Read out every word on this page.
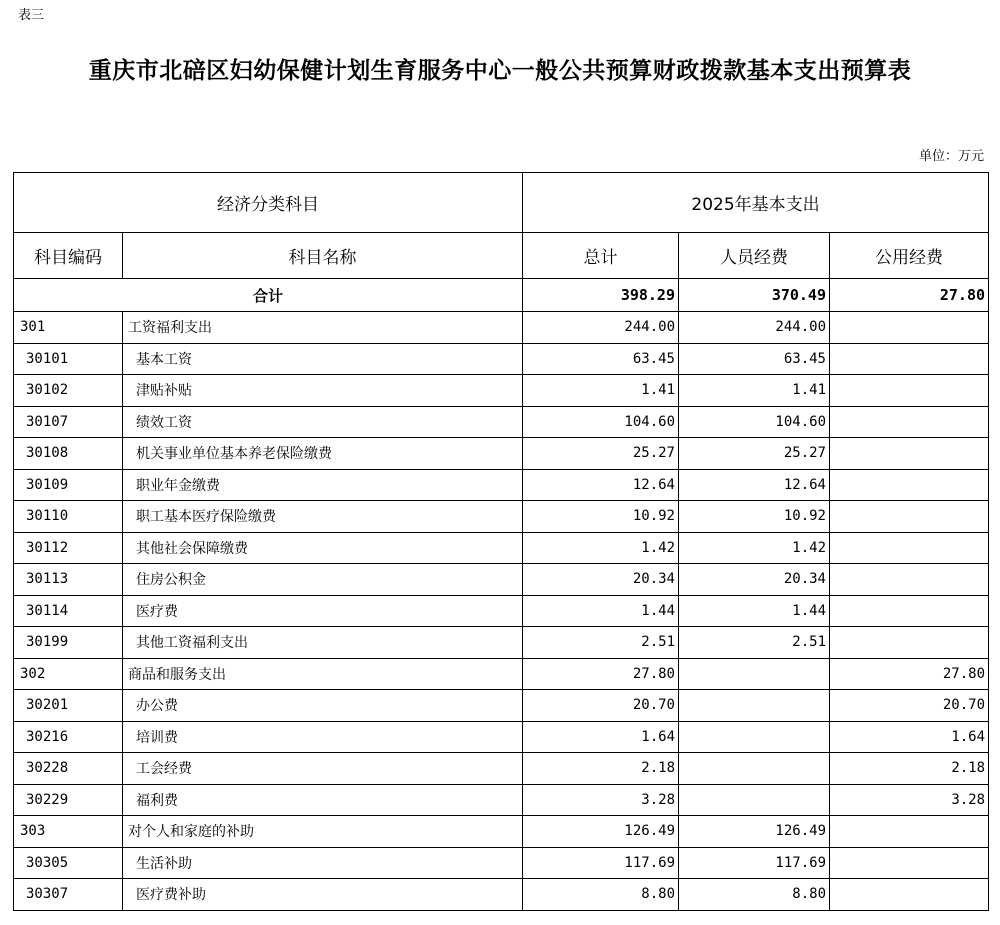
表三
重庆市北碚区妇幼保健计划生育服务中心一般公共预算财政拨款基本支出预算表
单位：万元
经济分类科目		2025年基本支出		
科目编码	科目名称	总计	人员经费	公用经费
合计		398.29	370.49	27.80
301	工资福利支出	244.00	244.00	
30101	基本工资	63.45	63.45	
30102	津贴补贴	1.41	1.41	
30107	绩效工资	104.60	104.60	
30108	机关事业单位基本养老保险缴费	25.27	25.27	
30109	职业年金缴费	12.64	12.64	
30110	职工基本医疗保险缴费	10.92	10.92	
30112	其他社会保障缴费	1.42	1.42	
30113	住房公积金	20.34	20.34	
30114	医疗费	1.44	1.44	
30199	其他工资福利支出	2.51	2.51	
302	商品和服务支出	27.80		27.80
30201	办公费	20.70		20.70
30216	培训费	1.64		1.64
30228	工会经费	2.18		2.18
30229	福利费	3.28		3.28
303	对个人和家庭的补助	126.49	126.49	
30305	生活补助	117.69	117.69	
30307	医疗费补助	8.80	8.80	
